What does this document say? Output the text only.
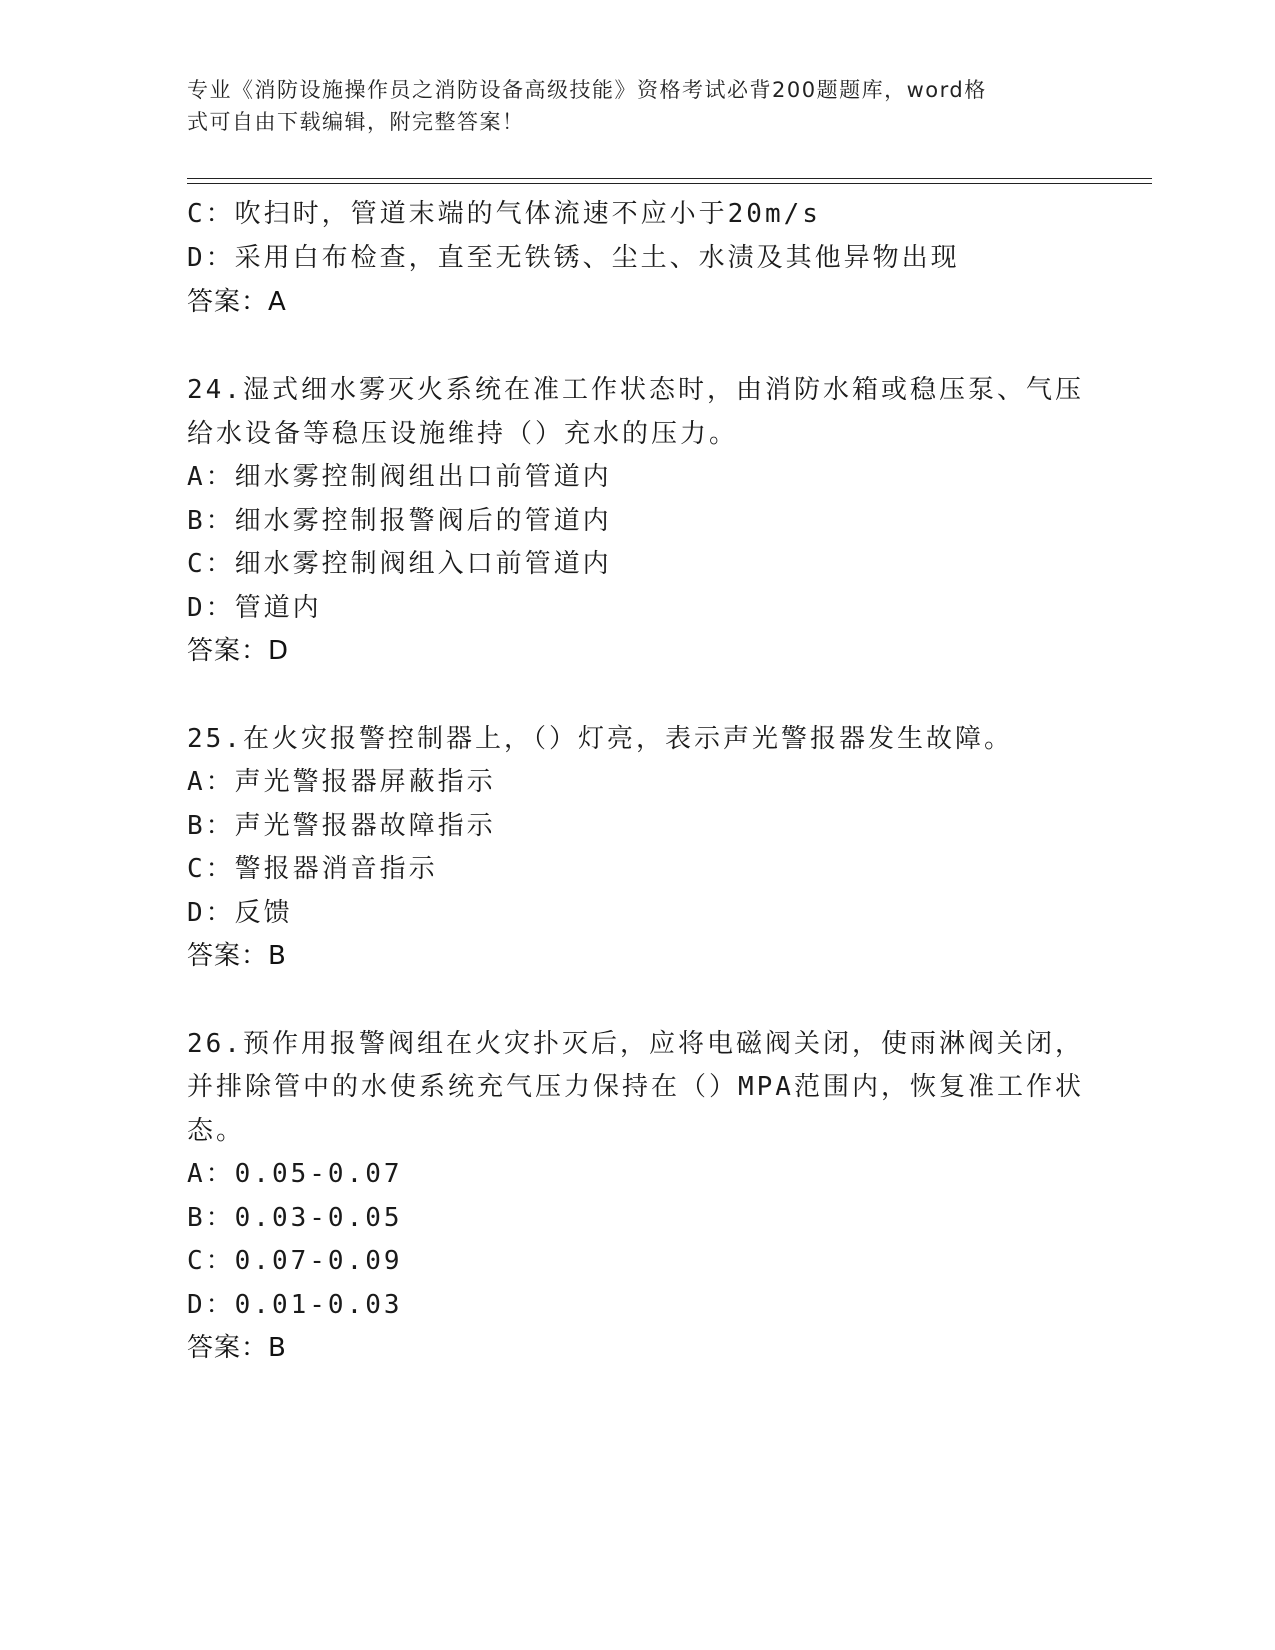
专业《消防设施操作员之消防设备高级技能》资格考试必背200题题库，word格
式可自由下载编辑，附完整答案！
C：吹扫时，管道末端的气体流速不应小于20m/s
D：采用白布检查，直至无铁锈、尘土、水渍及其他异物出现
答案：A
24.湿式细水雾灭火系统在准工作状态时，由消防水箱或稳压泵、气压
给水设备等稳压设施维持（）充水的压力。
A：细水雾控制阀组出口前管道内
B：细水雾控制报警阀后的管道内
C：细水雾控制阀组入口前管道内
D：管道内
答案：D
25.在火灾报警控制器上，（）灯亮，表示声光警报器发生故障。
A：声光警报器屏蔽指示
B：声光警报器故障指示
C：警报器消音指示
D：反馈
答案：B
26.预作用报警阀组在火灾扑灭后，应将电磁阀关闭，使雨淋阀关闭，
并排除管中的水使系统充气压力保持在（）MPA范围内，恢复准工作状
态。
A：0.05-0.07
B：0.03-0.05
C：0.07-0.09
D：0.01-0.03
答案：B
